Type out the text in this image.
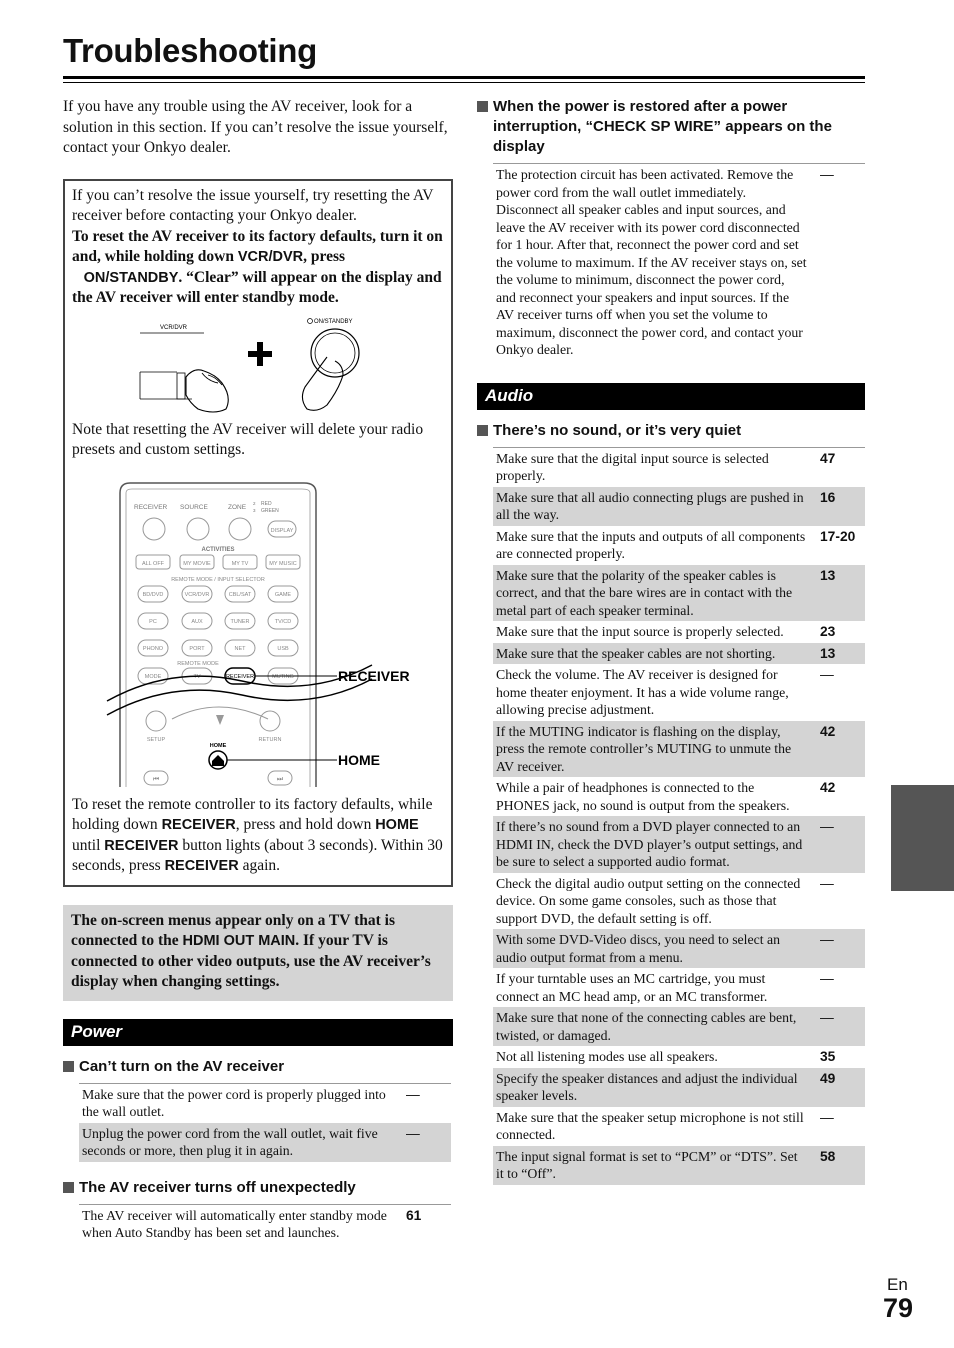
Troubleshooting

If you have any trouble using the AV receiver, look for a solution in this section. If you can’t resolve the issue yourself, contact your Onkyo dealer.

If you can’t resolve the issue yourself, try resetting the AV receiver before contacting your Onkyo dealer.

To reset the AV receiver to its factory defaults, turn it on and, while holding down VCR/DVR, press
ON/STANDBY. “Clear” will appear on the display and the AV receiver will enter standby mode.

VCR/DVR
ON/STANDBY

Note that resetting the AV receiver will delete your radio presets and custom settings.

RECEIVER SOURCE	ZONE
2
3
RED
GREEN
DISPLAY
ACTIVITIES
ALL OFF	MY MOVIE	MY TV	MY MUSIC
REMOTE MODE / INPUT SELECTOR
BD/DVD	VCR/DVR	CBL/SAT	GAME
PC	AUX	TUNER	TV/CD
PHONO	PORT	NET	USB
REMOTE MODE
MODE	TV	RECEIVER	MUTING
SETUP	RETURN
HOME
⏮	⏭
RECEIVER
HOME

To reset the remote controller to its factory defaults, while holding down RECEIVER, press and hold down HOME until RECEIVER button lights (about 3 seconds). Within 30 seconds, press RECEIVER again.

The on-screen menus appear only on a TV that is connected to the HDMI OUT MAIN. If your TV is connected to other video outputs, use the AV receiver’s display when changing settings.
Power

Can’t turn on the AV receiver

Make sure that the power cord is properly plugged into the wall outlet.	—
Unplug the power cord from the wall outlet, wait five seconds or more, then plug it in again.	—

The AV receiver turns off unexpectedly

The AV receiver will automatically enter standby mode when Auto Standby has been set and launches.	61

When the power is restored after a power interruption, “CHECK SP WIRE” appears on the display

The protection circuit has been activated. Remove the power cord from the wall outlet immediately. Disconnect all speaker cables and input sources, and leave the AV receiver with its power cord disconnected for 1 hour. After that, reconnect the power cord and set the volume to maximum. If the AV receiver stays on, set the volume to minimum, disconnect the power cord, and reconnect your speakers and input sources. If the AV receiver turns off when you set the volume to maximum, disconnect the power cord, and contact your Onkyo dealer.	—
Audio

There’s no sound, or it’s very quiet

Make sure that the digital input source is selected properly.	47
Make sure that all audio connecting plugs are pushed in all the way.	16
Make sure that the inputs and outputs of all components are connected properly.	17-20
Make sure that the polarity of the speaker cables is correct, and that the bare wires are in contact with the metal part of each speaker terminal.	13
Make sure that the input source is properly selected.	23
Make sure that the speaker cables are not shorting.	13
Check the volume. The AV receiver is designed for home theater enjoyment. It has a wide volume range, allowing precise adjustment.	—
If the MUTING indicator is flashing on the display, press the remote controller’s MUTING to unmute the AV receiver.	42
While a pair of headphones is connected to the PHONES jack, no sound is output from the speakers.	42
If there’s no sound from a DVD player connected to an HDMI IN, check the DVD player’s output settings, and be sure to select a supported audio format.	—
Check the digital audio output setting on the connected device. On some game consoles, such as those that support DVD, the default setting is off.	—
With some DVD-Video discs, you need to select an audio output format from a menu.	—
If your turntable uses an MC cartridge, you must connect an MC head amp, or an MC transformer.	—
Make sure that none of the connecting cables are bent, twisted, or damaged.	—
Not all listening modes use all speakers.	35
Specify the speaker distances and adjust the individual speaker levels.	49
Make sure that the speaker setup microphone is not still connected.	—
The input signal format is set to “PCM” or “DTS”. Set it to “Off”.	58
En
79
